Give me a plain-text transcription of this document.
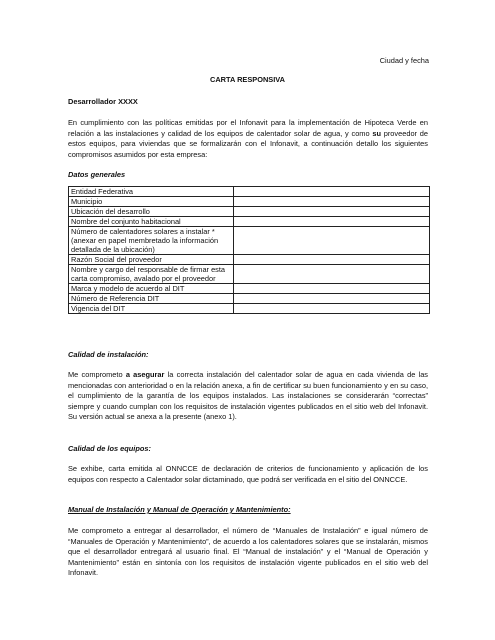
Ciudad y fecha
CARTA RESPONSIVA
Desarrollador XXXX
En cumplimiento con las políticas emitidas por el Infonavit para la implementación de Hipoteca Verde en relación a las instalaciones y calidad de los equipos de calentador solar de agua, y como su proveedor de estos equipos, para viviendas que se formalizarán con el Infonavit, a continuación detallo los siguientes compromisos asumidos por esta empresa:
Datos generales
Entidad Federativa	
Municipio	
Ubicación del desarrollo	
Nombre del conjunto habitacional	
Número de calentadores solares a instalar * (anexar en papel membretado la información detallada de la ubicación)	
Razón Social del proveedor	
Nombre y cargo del responsable de firmar esta carta compromiso, avalado por el proveedor	
Marca y modelo de acuerdo al DIT	
Número de Referencia DIT	
Vigencia del DIT	
Calidad de instalación:
Me comprometo a asegurar la correcta instalación del calentador solar de agua en cada vivienda de las mencionadas con anterioridad o en la relación anexa, a fin de certificar su buen funcionamiento y en su caso, el cumplimiento de la garantía de los equipos instalados. Las instalaciones se considerarán “correctas” siempre y cuando cumplan con los requisitos de instalación vigentes publicados en el sitio web del Infonavit. Su versión actual se anexa a la presente (anexo 1).
Calidad de los equipos:
Se exhibe, carta emitida al ONNCCE de declaración de criterios de funcionamiento y aplicación de los equipos con respecto a Calentador solar dictaminado, que podrá ser verificada en el sitio del ONNCCE.
Manual de Instalación y Manual de Operación y Mantenimiento:
Me comprometo a entregar al desarrollador, el número de “Manuales de Instalación” e igual número de “Manuales de Operación y Mantenimiento”, de acuerdo a los calentadores solares que se instalarán, mismos que el desarrollador entregará al usuario final. El “Manual de instalación” y el “Manual de Operación y Mantenimiento” están en sintonía con los requisitos de instalación vigente publicados en el sitio web del Infonavit.
